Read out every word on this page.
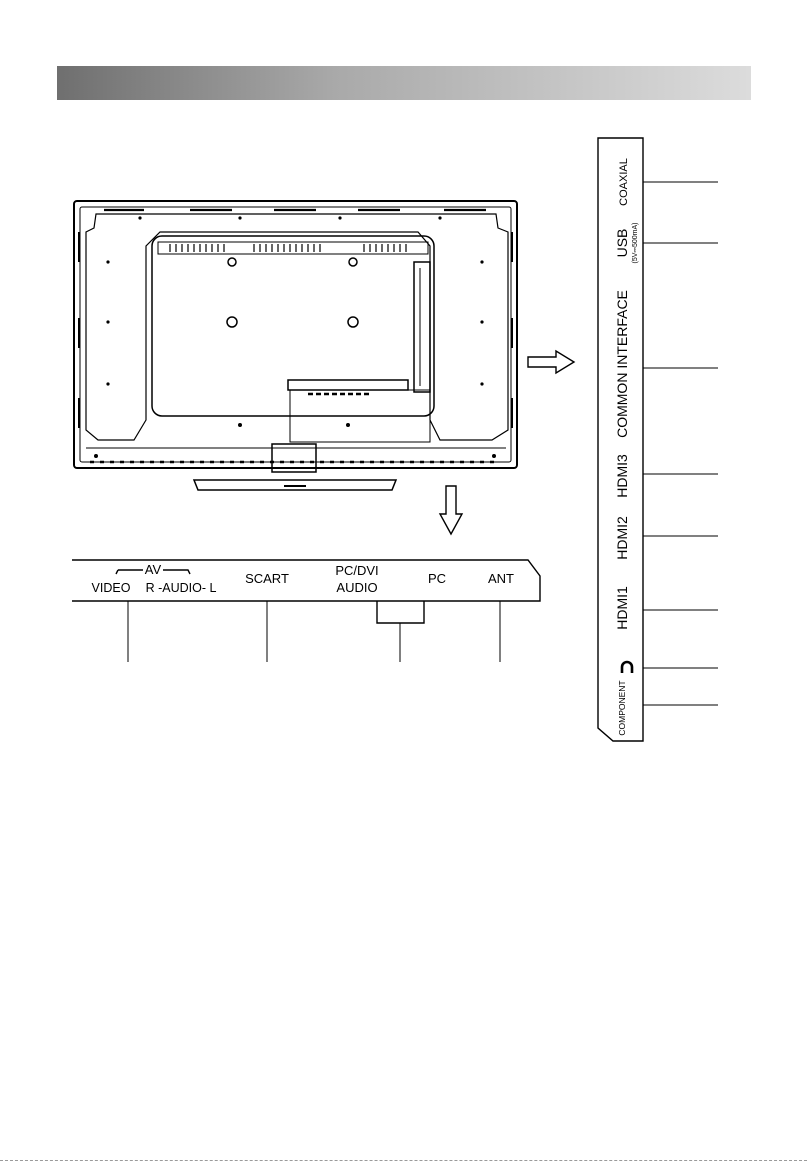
AV
VIDEO R -AUDIO- L
SCART
PC/DVI
AUDIO
PC	ANT
COAXIAL
USB (5V⎓500mA)
COMMON INTERFACE
HDMI3
HDMI2
HDMI1
COMPONENT
